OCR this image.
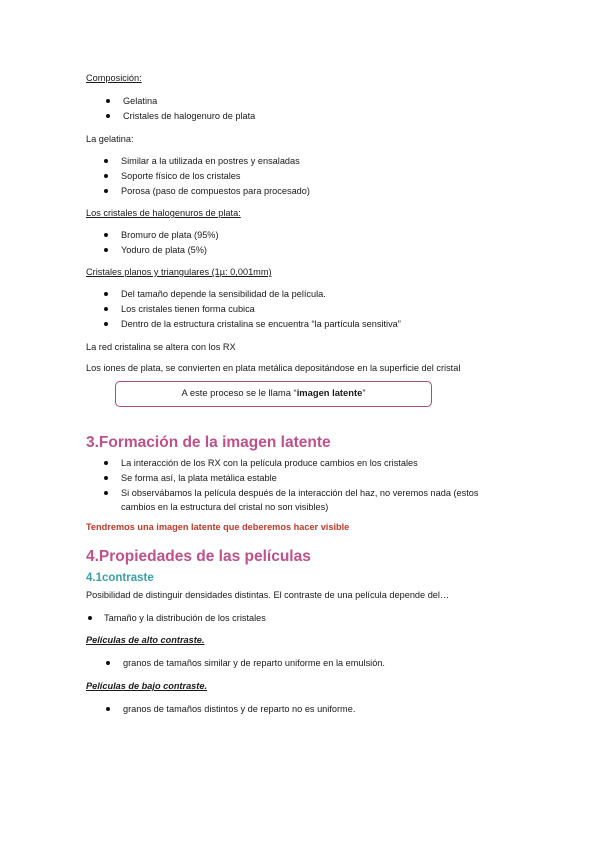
Composición:
Gelatina
Cristales de halogenuro de plata
La gelatina:
Similar a la utilizada en postres y ensaladas
Soporte físico de los cristales
Porosa (paso de compuestos para procesado)
Los cristales de halogenuros de plata:
Bromuro de plata (95%)
Yoduro de plata (5%)
Cristales planos y triangulares (1µ: 0,001mm)
Del tamaño depende la sensibilidad de la película.
Los cristales tienen forma cubica
Dentro de la estructura cristalina se encuentra “la partícula sensitiva”
La red cristalina se altera con los RX
Los iones de plata, se convierten en plata metálica depositándose en la superficie del cristal
A este proceso se le llama “imagen latente”
3.Formación de la imagen latente
La interacción de los RX con la película produce cambios en los cristales
Se forma así, la plata metálica estable
Si observábamos la película después de la interacción del haz, no veremos nada (estos
cambios en la estructura del cristal no son visibles)
Tendremos una imagen latente que deberemos hacer visible
4.Propiedades de las películas
4.1contraste
Posibilidad de distinguir densidades distintas. El contraste de una película depende del…
Tamaño y la distribución de los cristales
Películas de alto contraste.
granos de tamaños similar y de reparto uniforme en la emulsión.
Películas de bajo contraste.
granos de tamaños distintos y de reparto no es uniforme.
